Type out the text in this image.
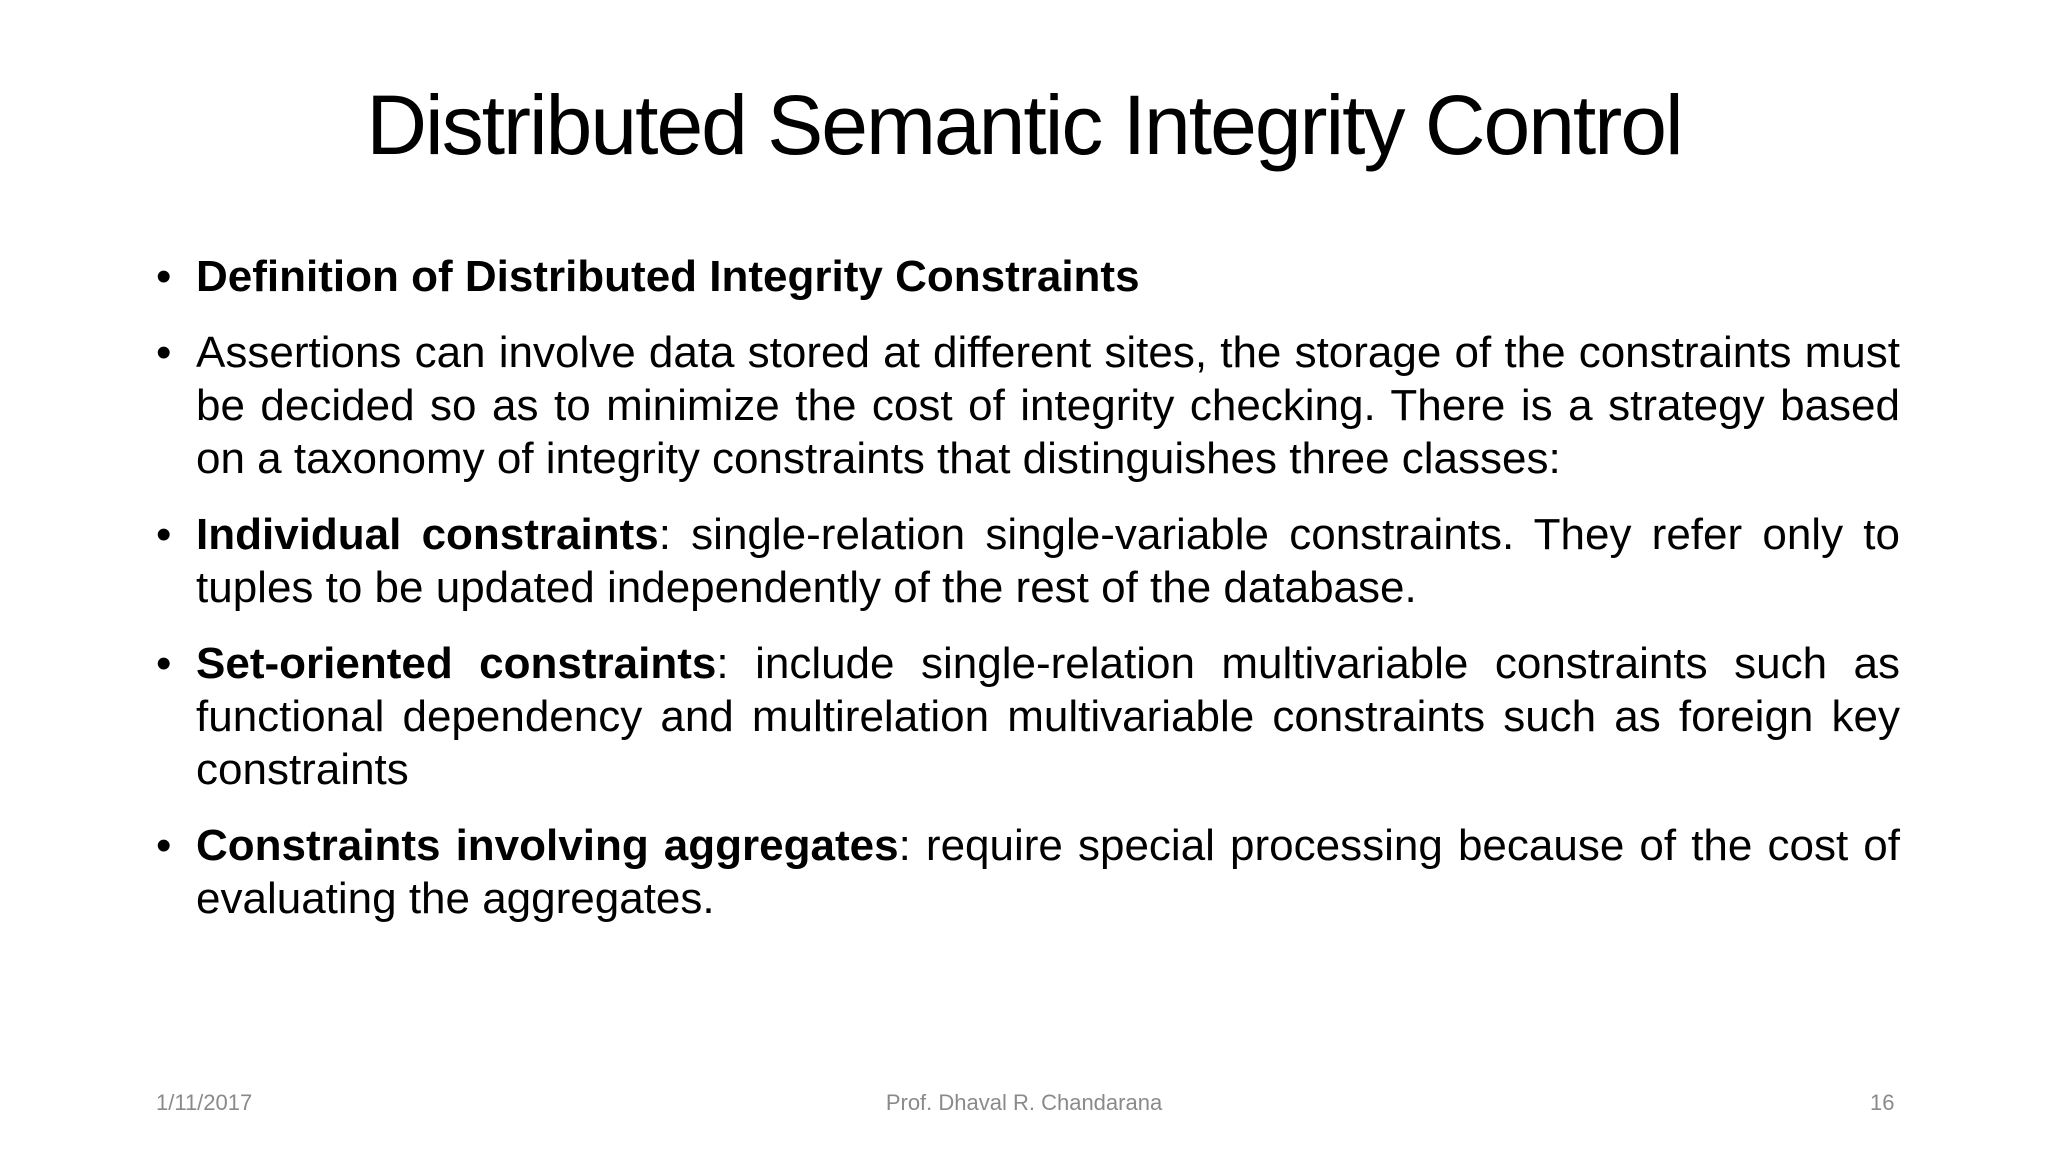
Distributed Semantic Integrity Control
• Definition of Distributed Integrity Constraints
• Assertions can involve data stored at different sites, the storage of the constraints must be decided so as to minimize the cost of integrity checking. There is a strategy based on a taxonomy of integrity constraints that distinguishes three classes:
• Individual constraints: single-relation single-variable constraints. They refer only to tuples to be updated independently of the rest of the database.
• Set-oriented constraints: include single-relation multivariable constraints such as functional dependency and multirelation multivariable constraints such as foreign key constraints
• Constraints involving aggregates: require special processing because of the cost of evaluating the aggregates.
1/11/2017	Prof. Dhaval R. Chandarana	16
